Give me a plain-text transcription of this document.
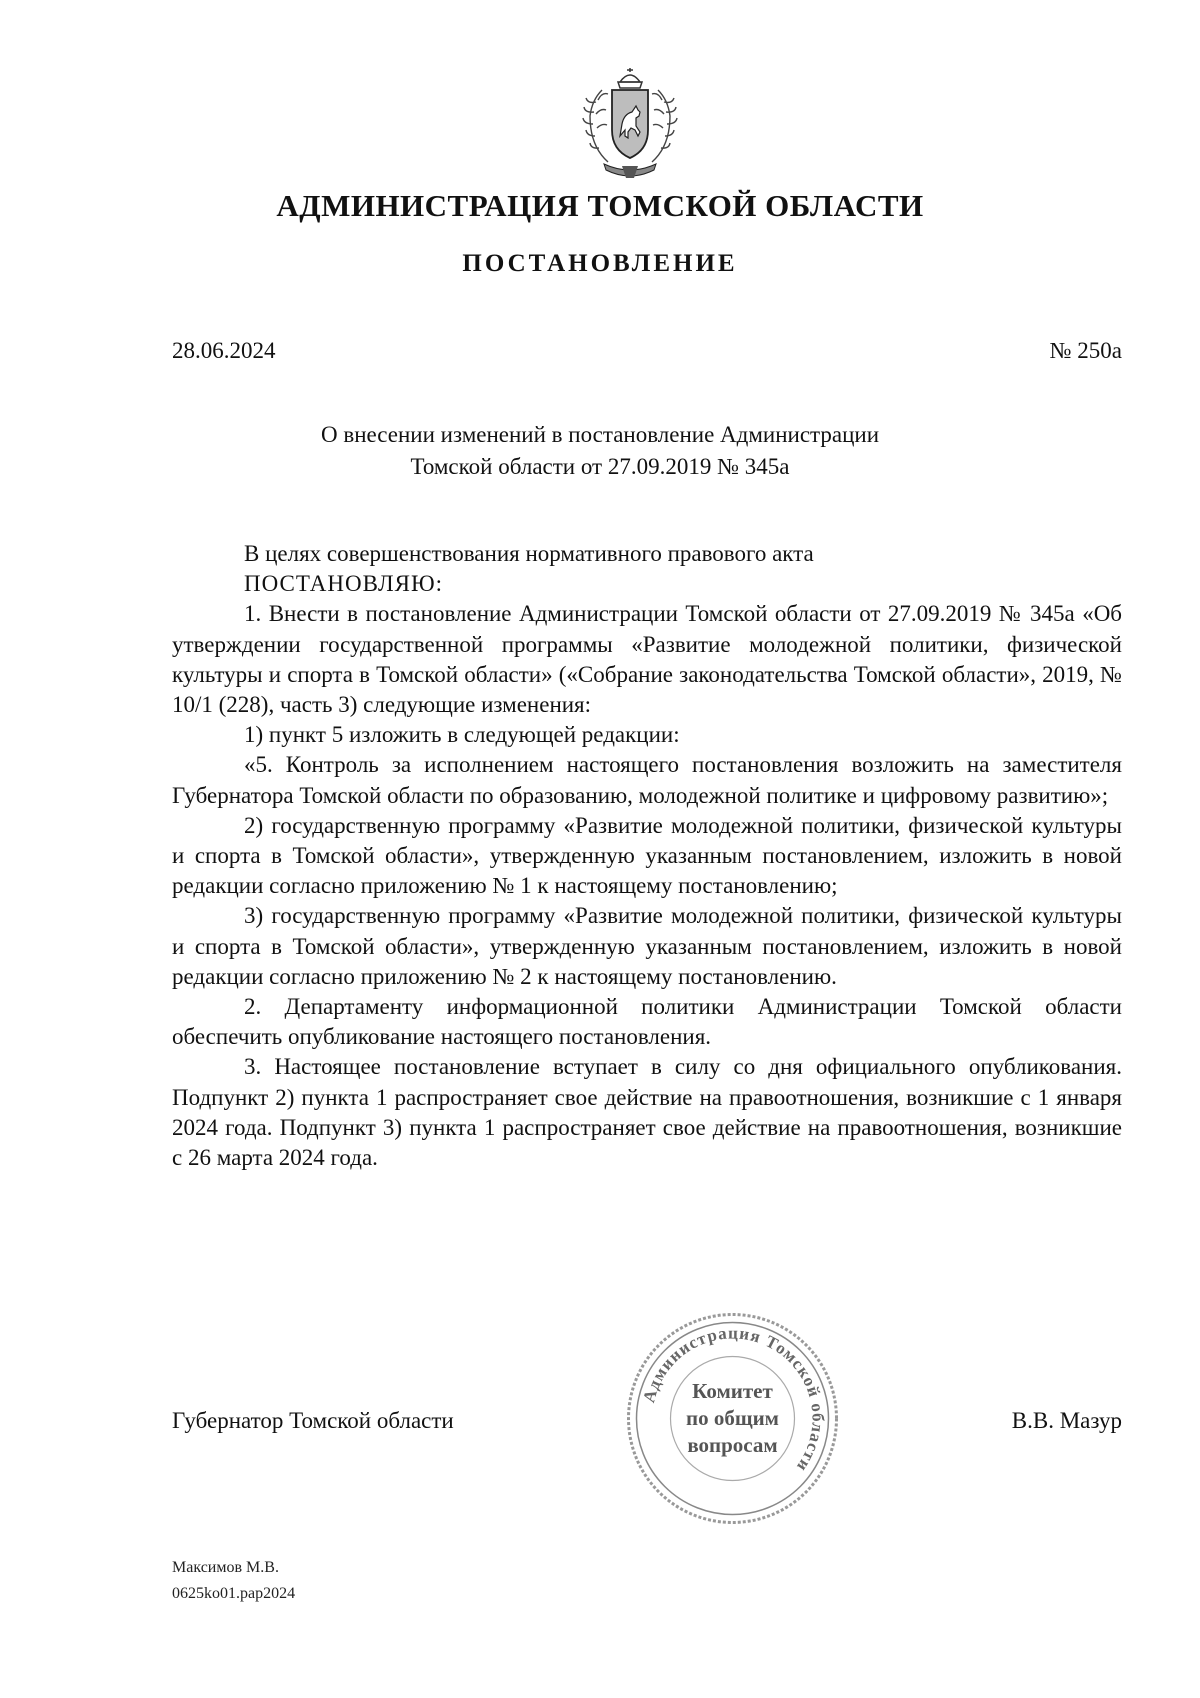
АДМИНИСТРАЦИЯ ТОМСКОЙ ОБЛАСТИ
ПОСТАНОВЛЕНИЕ
28.06.2024	№ 250а
О внесении изменений в постановление Администрации
Томской области от 27.09.2019 № 345а

В целях совершенствования нормативного правового акта

ПОСТАНОВЛЯЮ:

1. Внести в постановление Администрации Томской области от 27.09.2019 № 345а «Об утверждении государственной программы «Развитие молодежной политики, физической культуры и спорта в Томской области» («Собрание законодательства Томской области», 2019, № 10/1 (228), часть 3) следующие изменения:

1) пункт 5 изложить в следующей редакции:

«5. Контроль за исполнением настоящего постановления возложить на заместителя Губернатора Томской области по образованию, молодежной политике и цифровому развитию»;

2) государственную программу «Развитие молодежной политики, физической культуры и спорта в Томской области», утвержденную указанным постановлением, изложить в новой редакции согласно приложению № 1 к настоящему постановлению;

3) государственную программу «Развитие молодежной политики, физической культуры и спорта в Томской области», утвержденную указанным постановлением, изложить в новой редакции согласно приложению № 2 к настоящему постановлению.

2. Департаменту информационной политики Администрации Томской области обеспечить опубликование настоящего постановления.

3. Настоящее постановление вступает в силу со дня официального опубликования. Подпункт 2) пункта 1 распространяет свое действие на правоотношения, возникшие с 1 января 2024 года. Подпункт 3) пункта 1 распространяет свое действие на правоотношения, возникшие с 26 марта 2024 года.

Губернатор Томской области	В.В. Мазур
Администрация Томской области
Комитет
по общим
вопросам
Максимов М.В.
0625ko01.pap2024
